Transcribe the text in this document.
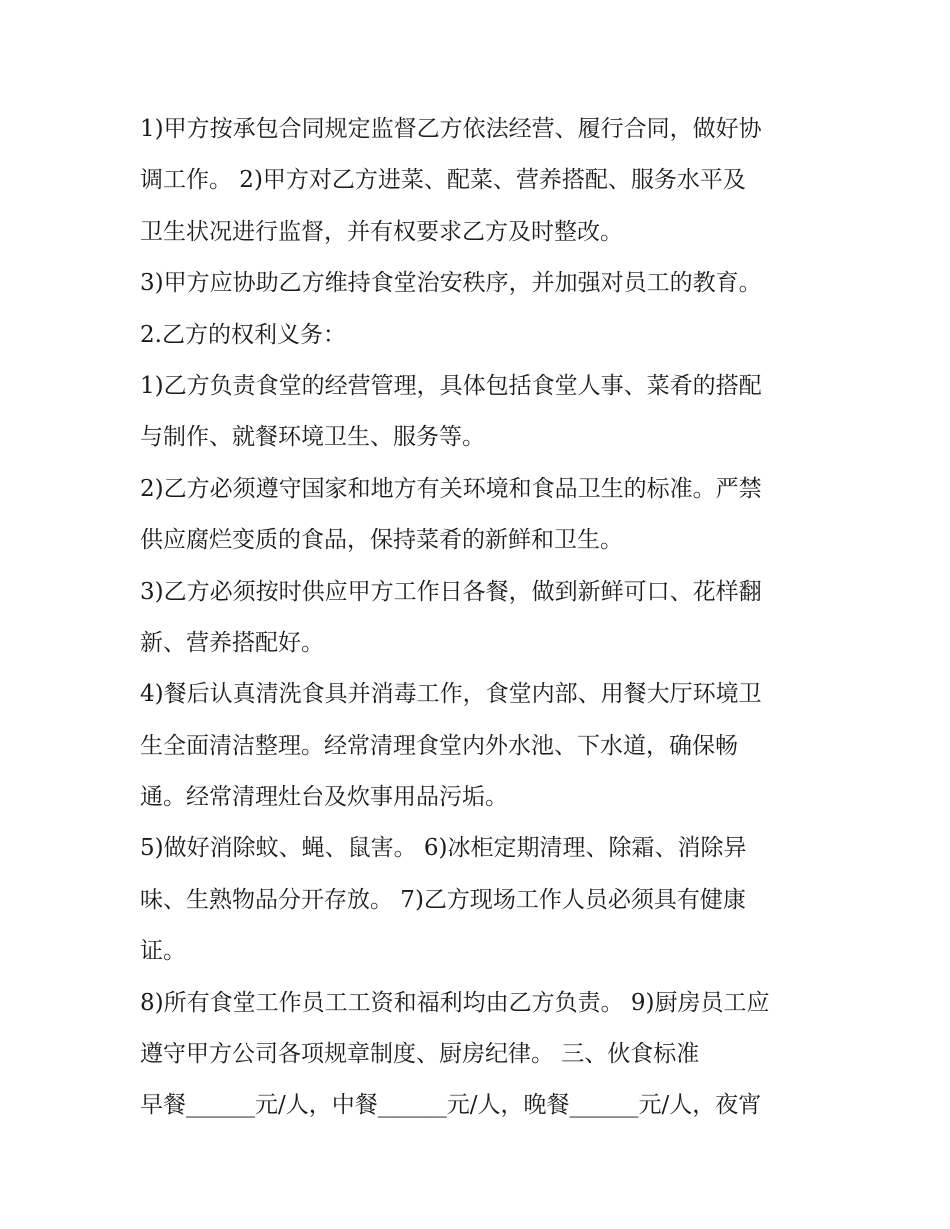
1)甲方按承包合同规定监督乙方依法经营、履行合同，做好协
调工作。 2)甲方对乙方进菜、配菜、营养搭配、服务水平及
卫生状况进行监督，并有权要求乙方及时整改。
3)甲方应协助乙方维持食堂治安秩序，并加强对员工的教育。
2.乙方的权利义务：
1)乙方负责食堂的经营管理，具体包括食堂人事、菜肴的搭配
与制作、就餐环境卫生、服务等。
2)乙方必须遵守国家和地方有关环境和食品卫生的标准。严禁
供应腐烂变质的食品，保持菜肴的新鲜和卫生。
3)乙方必须按时供应甲方工作日各餐，做到新鲜可口、花样翻
新、营养搭配好。
4)餐后认真清洗食具并消毒工作，食堂内部、用餐大厅环境卫
生全面清洁整理。经常清理食堂内外水池、下水道，确保畅
通。经常清理灶台及炊事用品污垢。
5)做好消除蚊、蝇、鼠害。 6)冰柜定期清理、除霜、消除异
味、生熟物品分开存放。 7)乙方现场工作人员必须具有健康
证。
8)所有食堂工作员工工资和福利均由乙方负责。 9)厨房员工应
遵守甲方公司各项规章制度、厨房纪律。 三、伙食标准
早餐______元/人，中餐______元/人，晚餐______元/人，夜宵
